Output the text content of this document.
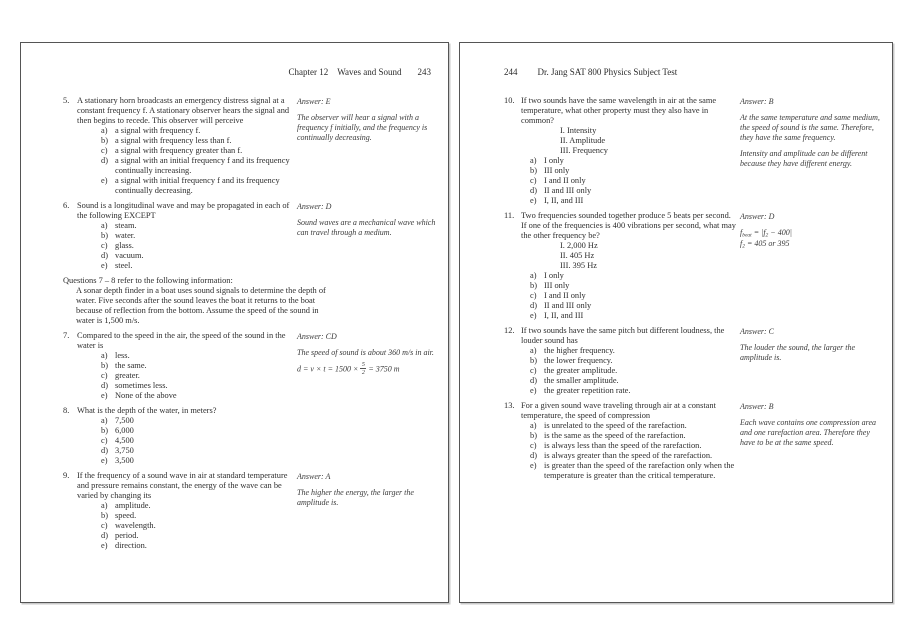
Chapter 12 Waves and Sound 243
5. A stationary horn broadcasts an emergency distress signal at a constant frequency f. A stationary observer hears the signal and then begins to recede. This observer will perceive
a) a signal with frequency f.
b) a signal with frequency less than f.
c) a signal with frequency greater than f.
d) a signal with an initial frequency f and its frequency continually increasing.
e) a signal with initial frequency f and its frequency continually decreasing.
Answer: E
The observer will hear a signal with a frequency f initially, and the frequency is continually decreasing.
6. Sound is a longitudinal wave and may be propagated in each of the following EXCEPT
a) steam.
b) water.
c) glass.
d) vacuum.
e) steel.
Answer: D
Sound waves are a mechanical wave which can travel through a medium.
Questions 7 – 8 refer to the following information:
A sonar depth finder in a boat uses sound signals to determine the depth of water. Five seconds after the sound leaves the boat it returns to the boat because of reflection from the bottom. Assume the speed of the sound in water is 1,500 m/s.
7. Compared to the speed in the air, the speed of the sound in the water is
a) less.
b) the same.
c) greater.
d) sometimes less.
e) None of the above
Answer: CD
The speed of sound is about 360 m/s in air.
$d = v \times t = 1500 \times \frac{5}{2} = 3750$ m
8. What is the depth of the water, in meters?
a) 7,500
b) 6,000
c) 4,500
d) 3,750
e) 3,500
9. If the frequency of a sound wave in air at standard temperature and pressure remains constant, the energy of the wave can be varied by changing its
a) amplitude.
b) speed.
c) wavelength.
d) period.
e) direction.
Answer: A
The higher the energy, the larger the amplitude is.
244 Dr. Jang SAT 800 Physics Subject Test
10. If two sounds have the same wavelength in air at the same temperature, what other property must they also have in common?
I. Intensity
II. Amplitude
III. Frequency
a) I only
b) III only
c) I and II only
d) II and III only
e) I, II, and III
Answer: B
At the same temperature and same medium, the speed of sound is the same. Therefore, they have the same frequency.
Intensity and amplitude can be different because they have different energy.
11. Two frequencies sounded together produce 5 beats per second. If one of the frequencies is 400 vibrations per second, what may the other frequency be?
I. 2,000 Hz
II. 405 Hz
III. 395 Hz
a) I only
b) III only
c) I and II only
d) II and III only
e) I, II, and III
Answer: D
$f_{beat} = |f_2 - 400|$
$f_2 = 405$ or 395
12. If two sounds have the same pitch but different loudness, the louder sound has
a) the higher frequency.
b) the lower frequency.
c) the greater amplitude.
d) the smaller amplitude.
e) the greater repetition rate.
Answer: C
The louder the sound, the larger the amplitude is.
13. For a given sound wave traveling through air at a constant temperature, the speed of compression
a) is unrelated to the speed of the rarefaction.
b) is the same as the speed of the rarefaction.
c) is always less than the speed of the rarefaction.
d) is always greater than the speed of the rarefaction.
e) is greater than the speed of the rarefaction only when the temperature is greater than the critical temperature.
Answer: B
Each wave contains one compression area and one rarefaction area. Therefore they have to be at the same speed.
